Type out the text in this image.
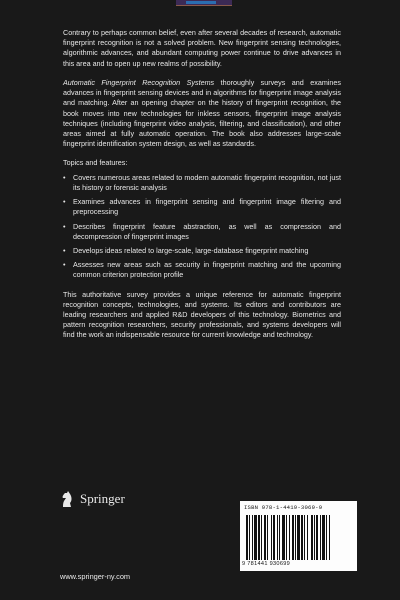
Contrary to perhaps common belief, even after several decades of research, automatic fingerprint recognition is not a solved problem. New fingerprint sensing technologies, algorithmic advances, and abundant computing power continue to drive advances in this area and to open up new realms of possibility.

Automatic Fingerprint Recognition Systems thoroughly surveys and examines advances in fingerprint sensing devices and in algorithms for fingerprint image analysis and matching. After an opening chapter on the history of fingerprint recognition, the book moves into new technologies for inkless sensors, fingerprint image analysis techniques (including fingerprint video analysis, filtering, and classification), and other areas aimed at fully automatic operation. The book also addresses large-scale fingerprint identification system design, as well as standards.

Topics and features:

• Covers numerous areas related to modern automatic fingerprint recognition, not just its history or forensic analysis
• Examines advances in fingerprint sensing and fingerprint image filtering and preprocessing
• Describes fingerprint feature abstraction, as well as compression and decompression of fingerprint images
• Develops ideas related to large-scale, large-database fingerprint matching
• Assesses new areas such as security in fingerprint matching and the upcoming common criterion protection profile

This authoritative survey provides a unique reference for automatic fingerprint recognition concepts, technologies, and systems. Its editors and contributors are leading researchers and applied R&D developers of this technology. Biometrics and pattern recognition researchers, security professionals, and systems developers will find the work an indispensable resource for current knowledge and technology.

Springer
www.springer-ny.com
ISBN 978-1-4419-3069-9
9 781441 930699
